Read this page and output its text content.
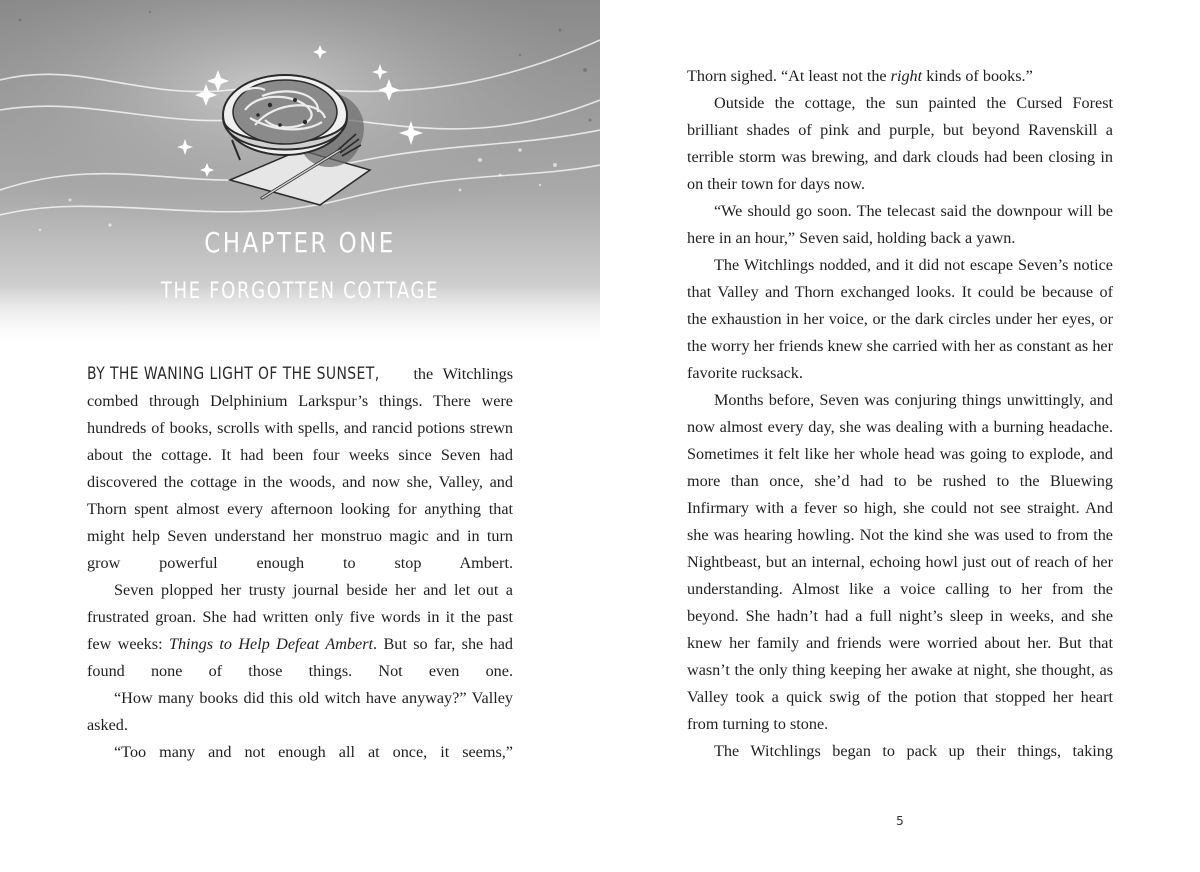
CHAPTER ONE
THE FORGOTTEN COTTAGE

BY THE WANING LIGHT OF THE SUNSET, the Witchlings combed through Delphinium Larkspur’s things. There were hundreds of books, scrolls with spells, and rancid potions strewn about the cottage. It had been four weeks since Seven had discovered the cottage in the woods, and now she, Valley, and Thorn spent almost every afternoon looking for anything that might help Seven understand her monstruo magic and in turn grow powerful enough to stop Ambert.

Seven plopped her trusty journal beside her and let out a frustrated groan. She had written only five words in it the past few weeks: Things to Help Defeat Ambert. But so far, she had found none of those things. Not even one.

“How many books did this old witch have anyway?” Valley asked.

“Too many and not enough all at once, it seems,”

Thorn sighed. “At least not the right kinds of books.”

Outside the cottage, the sun painted the Cursed Forest brilliant shades of pink and purple, but beyond Ravenskill a terrible storm was brewing, and dark clouds had been closing in on their town for days now.

“We should go soon. The telecast said the downpour will be here in an hour,” Seven said, holding back a yawn.

The Witchlings nodded, and it did not escape Seven’s notice that Valley and Thorn exchanged looks. It could be because of the exhaustion in her voice, or the dark circles under her eyes, or the worry her friends knew she carried with her as constant as her favorite rucksack.

Months before, Seven was conjuring things unwittingly, and now almost every day, she was dealing with a burning headache. Sometimes it felt like her whole head was going to explode, and more than once, she’d had to be rushed to the Bluewing Infirmary with a fever so high, she could not see straight. And she was hearing howling. Not the kind she was used to from the Nightbeast, but an internal, echoing howl just out of reach of her understanding. Almost like a voice calling to her from the beyond. She hadn’t had a full night’s sleep in weeks, and she knew her family and friends were worried about her. But that wasn’t the only thing keeping her awake at night, she thought, as Valley took a quick swig of the potion that stopped her heart from turning to stone.

The Witchlings began to pack up their things, taking

5
